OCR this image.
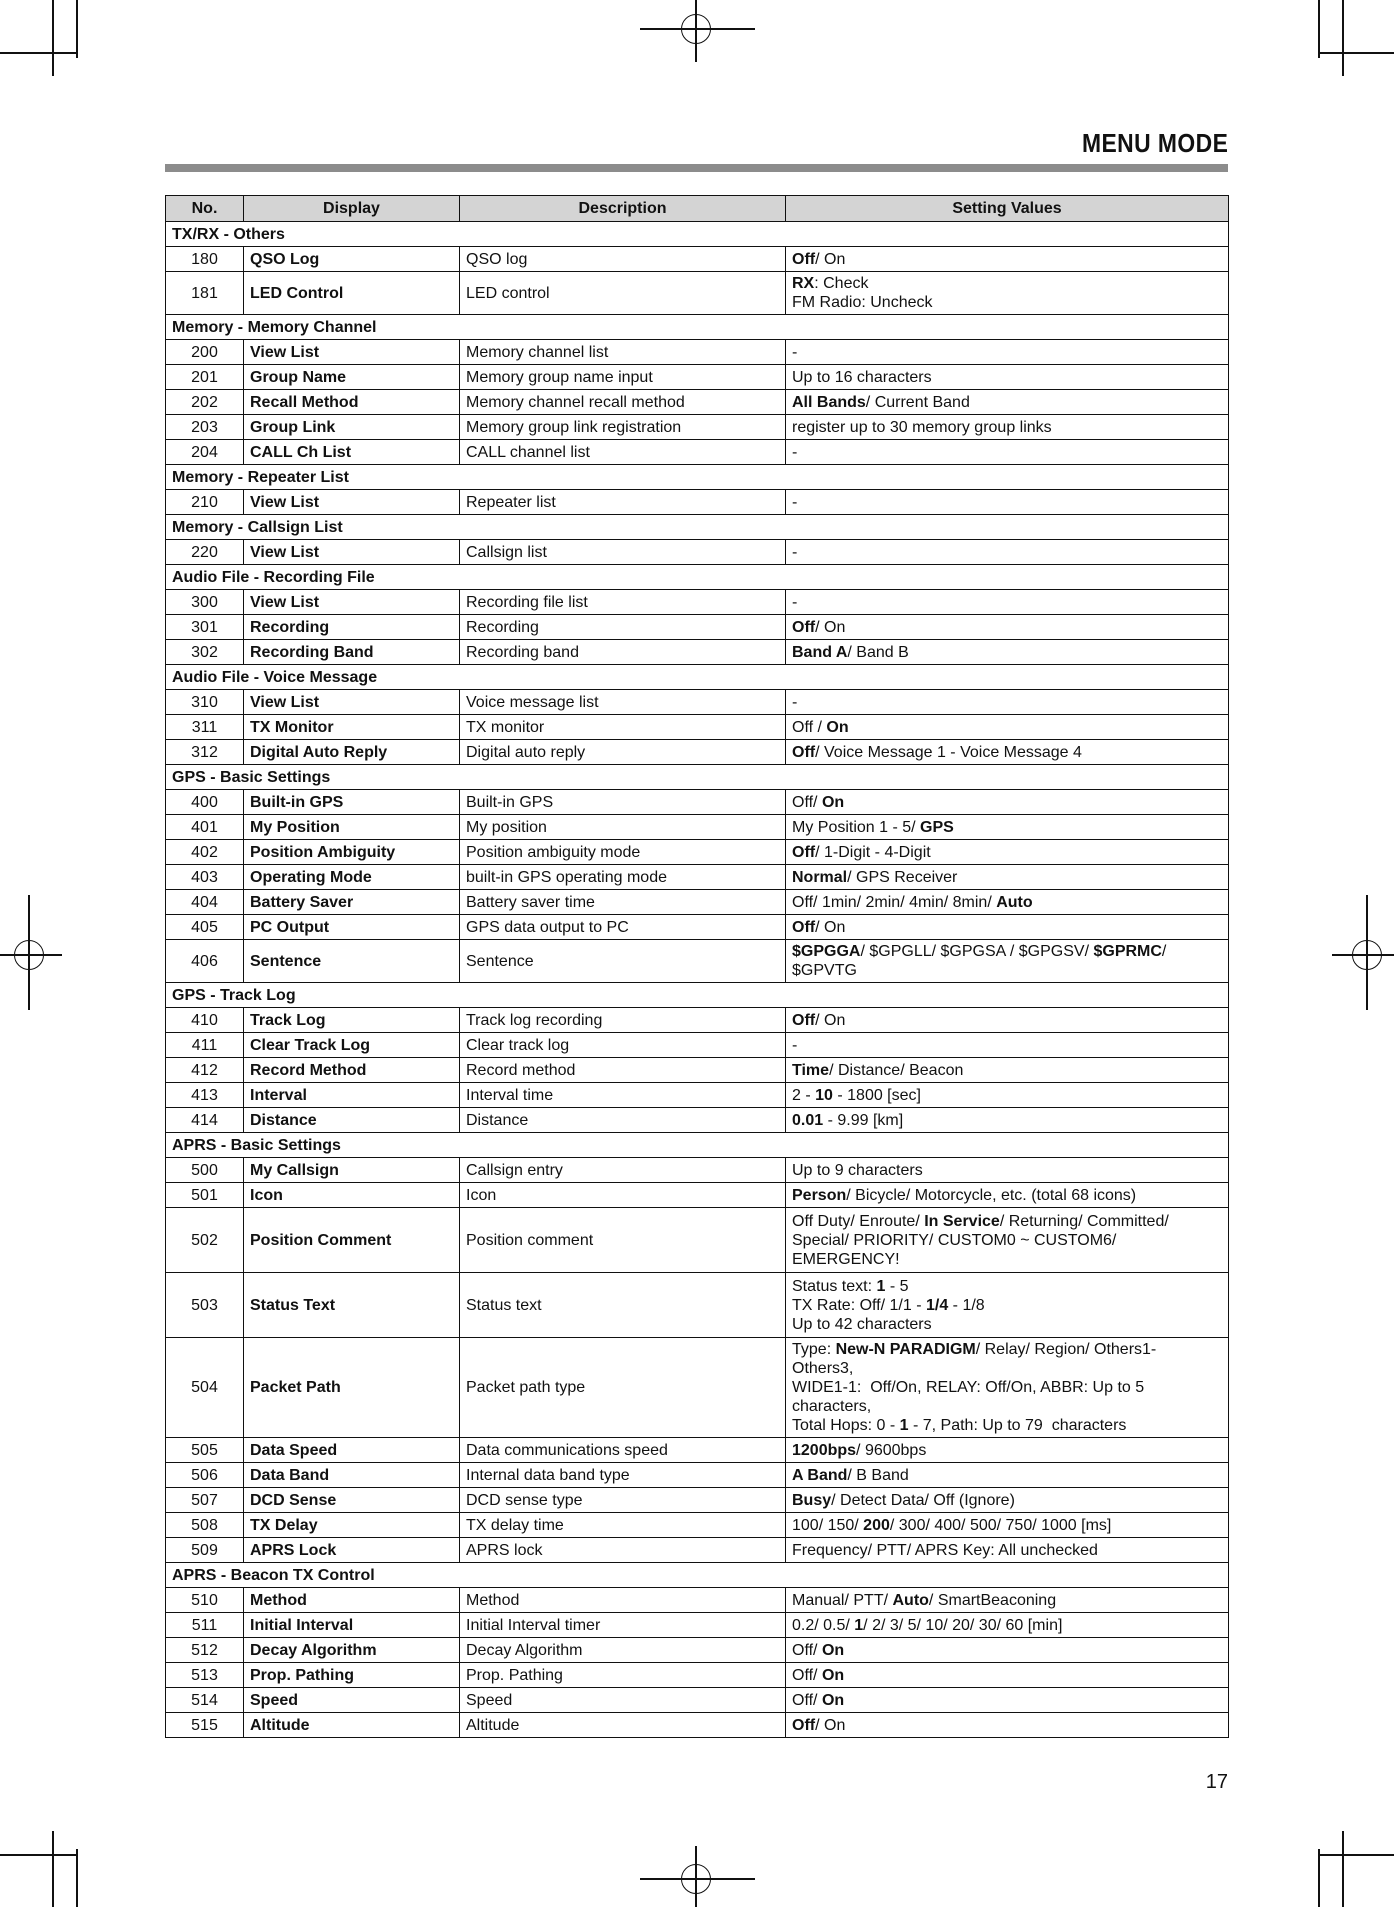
MENU MODE
No.	Display	Description	Setting Values
TX/RX - Others			
180	QSO Log	QSO log	Off/ On

181	LED Control	LED control	RX: Check
FM Radio: Uncheck

Memory - Memory Channel			
200	View List	Memory channel list	-

201	Group Name	Memory group name input	Up to 16 characters

202	Recall Method	Memory channel recall method	All Bands/ Current Band

203	Group Link	Memory group link registration	register up to 30 memory group links

204	CALL Ch List	CALL channel list	-

Memory - Repeater List			
210	View List	Repeater list	-

Memory - Callsign List			
220	View List	Callsign list	-

Audio File - Recording File			
300	View List	Recording file list	-

301	Recording	Recording	Off/ On

302	Recording Band	Recording band	Band A/ Band B

Audio File - Voice Message			
310	View List	Voice message list	-

311	TX Monitor	TX monitor	Off / On

312	Digital Auto Reply	Digital auto reply	Off/ Voice Message 1 - Voice Message 4

GPS - Basic Settings			
400	Built-in GPS	Built-in GPS	Off/ On

401	My Position	My position	My Position 1 - 5/ GPS

402	Position Ambiguity	Position ambiguity mode	Off/ 1-Digit - 4-Digit

403	Operating Mode	built-in GPS operating mode	Normal/ GPS Receiver

404	Battery Saver	Battery saver time	Off/ 1min/ 2min/ 4min/ 8min/ Auto

405	PC Output	GPS data output to PC	Off/ On

406	Sentence	Sentence	$GPGGA/ $GPGLL/ $GPGSA / $GPGSV/ $GPRMC/
$GPVTG

GPS - Track Log			
410	Track Log	Track log recording	Off/ On

411	Clear Track Log	Clear track log	-

412	Record Method	Record method	Time/ Distance/ Beacon

413	Interval	Interval time	2 - 10 - 1800 [sec]

414	Distance	Distance	0.01 - 9.99 [km]

APRS - Basic Settings			
500	My Callsign	Callsign entry	Up to 9 characters

501	Icon	Icon	Person/ Bicycle/ Motorcycle, etc. (total 68 icons)

502	Position Comment	Position comment	Off Duty/ Enroute/ In Service/ Returning/ Committed/
Special/ PRIORITY/ CUSTOM0 ~ CUSTOM6/
EMERGENCY!

503	Status Text	Status text	Status text: 1 - 5
TX Rate: Off/ 1/1 - 1/4 - 1/8
Up to 42 characters

504	Packet Path	Packet path type	Type: New-N PARADIGM/ Relay/ Region/ Others1-
Others3,
WIDE1-1:  Off/On, RELAY: Off/On, ABBR: Up to 5
characters,
Total Hops: 0 - 1 - 7, Path: Up to 79  characters

505	Data Speed	Data communications speed	1200bps/ 9600bps

506	Data Band	Internal data band type	A Band/ B Band

507	DCD Sense	DCD sense type	Busy/ Detect Data/ Off (Ignore)

508	TX Delay	TX delay time	100/ 150/ 200/ 300/ 400/ 500/ 750/ 1000 [ms]

509	APRS Lock	APRS lock	Frequency/ PTT/ APRS Key: All unchecked

APRS - Beacon TX Control			
510	Method	Method	Manual/ PTT/ Auto/ SmartBeaconing

511	Initial Interval	Initial Interval timer	0.2/ 0.5/ 1/ 2/ 3/ 5/ 10/ 20/ 30/ 60 [min]

512	Decay Algorithm	Decay Algorithm	Off/ On

513	Prop. Pathing	Prop. Pathing	Off/ On

514	Speed	Speed	Off/ On

515	Altitude	Altitude	Off/ On
17
